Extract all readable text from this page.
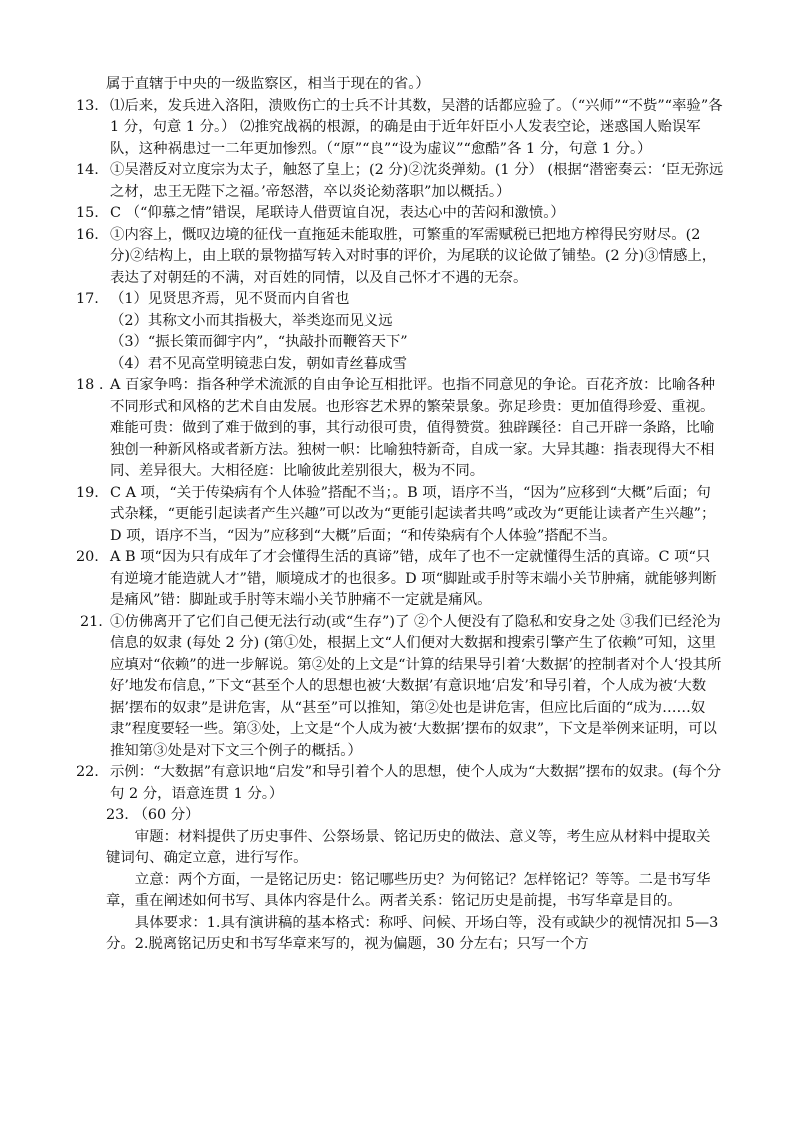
属于直辖于中央的一级监察区，相当于现在的省。）
13. ⑴后来，发兵进入洛阳，溃败伤亡的士兵不计其数，吴潜的话都应验了。（“兴师”“不赀”“率验”各 1 分，句意 1 分。） ⑵推究战祸的根源，的确是由于近年奸臣小人发表空论，迷惑国人贻误军队，这种祸患过一二年更加惨烈。（“原”“良”“设为虚议”“愈酷”各 1 分，句意 1 分。）
14. ①吴潜反对立度宗为太子，触怒了皇上；(2 分)②沈炎弹劾。(1 分） (根据“潜密奏云：‘臣无弥远之材，忠王无陛下之福。’帝怒潜，卒以炎论劾落职”加以概括。）
15. C （“仰慕之情”错误，尾联诗人借贾谊自况，表达心中的苦闷和激愤。）
16. ①内容上，慨叹边境的征伐一直拖延未能取胜，可繁重的军需赋税已把地方榨得民穷财尽。(2 分)②结构上，由上联的景物描写转入对时事的评价，为尾联的议论做了铺垫。(2 分)③情感上，表达了对朝廷的不满，对百姓的同情，以及自己怀才不遇的无奈。
17. （1）见贤思齐焉，见不贤而内自省也
（2）其称文小而其指极大，举类迩而见义远
（3）“振长策而御宇内”，“执敲扑而鞭笞天下”
（4）君不见高堂明镜悲白发，朝如青丝暮成雪
18 . A 百家争鸣：指各种学术流派的自由争论互相批评。也指不同意见的争论。百花齐放：比喻各种不同形式和风格的艺术自由发展。也形容艺术界的繁荣景象。弥足珍贵：更加值得珍爱、重视。 难能可贵：做到了难于做到的事，其行动很可贵，值得赞赏。独辟蹊径：自己开辟一条路，比喻独创一种新风格或者新方法。独树一帜：比喻独特新奇，自成一家。大异其趣：指表现得大不相同、差异很大。大相径庭：比喻彼此差别很大，极为不同。
19. C A 项，“关于传染病有个人体验”搭配不当；。B 项，语序不当，“因为”应移到“大概”后面；句式杂糅，“更能引起读者产生兴趣”可以改为“更能引起读者共鸣”或改为“更能让读者产生兴趣”；D 项，语序不当，“因为”应移到“大概”后面；“和传染病有个人体验”搭配不当。
20. A B 项“因为只有成年了才会懂得生活的真谛”错，成年了也不一定就懂得生活的真谛。C 项“只有逆境才能造就人才”错，顺境成才的也很多。D 项“脚趾或手肘等末端小关节肿痛，就能够判断是痛风”错：脚趾或手肘等末端小关节肿痛不一定就是痛风。
21. ①仿佛离开了它们自己便无法行动(或“生存”)了 ②个人便没有了隐私和安身之处 ③我们已经沦为信息的奴隶 (每处 2 分) (第①处，根据上文“人们便对大数据和搜索引擎产生了依赖”可知，这里应填对“依赖”的进一步解说。第②处的上文是“计算的结果导引着‘大数据’的控制者对个人‘投其所好’地发布信息，”下文“甚至个人的思想也被‘大数据’有意识地‘启发’和导引着，个人成为被‘大数据’摆布的奴隶”是讲危害，从“甚至”可以推知，第②处也是讲危害，但应比后面的“成为……奴隶”程度要轻一些。第③处，上文是“个人成为被‘大数据’摆布的奴隶”，下文是举例来证明，可以推知第③处是对下文三个例子的概括。）
22. 示例：“大数据”有意识地“启发”和导引着个人的思想，使个人成为“大数据”摆布的奴隶。(每个分句 2 分，语意连贯 1 分。）
23. （60 分）
审题：材料提供了历史事件、公祭场景、铭记历史的做法、意义等，考生应从材料中提取关键词句、确定立意，进行写作。
立意：两个方面，一是铭记历史：铭记哪些历史？为何铭记？怎样铭记？等等。二是书写华章，重在阐述如何书写、具体内容是什么。两者关系：铭记历史是前提，书写华章是目的。
具体要求：1.具有演讲稿的基本格式：称呼、问候、开场白等，没有或缺少的视情况扣 5—3 分。2.脱离铭记历史和书写华章来写的，视为偏题，30 分左右；只写一个方
